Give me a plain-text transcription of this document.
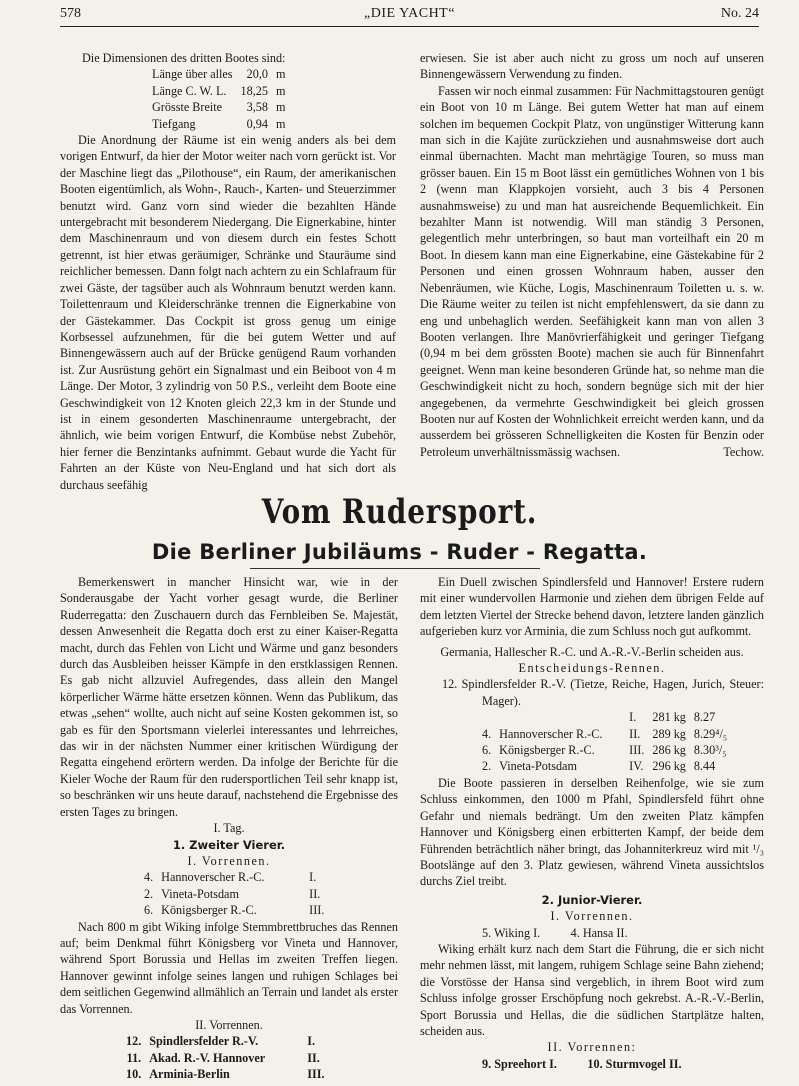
578	„DIE YACHT“	No. 24

Die Dimensionen des dritten Bootes sind:

Länge über alles	20,0	m
Länge C. W. L.	18,25	m
Grösste Breite	3,58	m
Tiefgang	0,94	m

Die Anordnung der Räume ist ein wenig anders als bei dem vorigen Entwurf, da hier der Motor weiter nach vorn gerückt ist. Vor der Maschine liegt das „Pilothouse“, ein Raum, der amerikanischen Booten eigentümlich, als Wohn-, Rauch-, Karten- und Steuerzimmer benutzt wird. Ganz vorn sind wieder die bezahlten Hände untergebracht mit besonderem Niedergang. Die Eignerkabine, hinter dem Maschinenraum und von diesem durch ein festes Schott getrennt, ist hier etwas geräumiger, Schränke und Stauräume sind reichlicher bemessen. Dann folgt nach achtern zu ein Schlafraum für zwei Gäste, der tagsüber auch als Wohnraum benutzt werden kann. Toilettenraum und Kleiderschränke trennen die Eignerkabine von der Gästekammer. Das Cockpit ist gross genug um einige Korbsessel aufzunehmen, für die bei gutem Wetter und auf Binnengewässern auch auf der Brücke genügend Raum vorhanden ist. Zur Ausrüstung gehört ein Signalmast und ein Beiboot von 4 m Länge. Der Motor, 3 zylindrig von 50 P.S., verleiht dem Boote eine Geschwindigkeit von 12 Knoten gleich 22,3 km in der Stunde und ist in einem gesonderten Maschinenraume untergebracht, der ähnlich, wie beim vorigen Entwurf, die Kombüse nebst Zubehör, hier ferner die Benzintanks aufnimmt. Gebaut wurde die Yacht für Fahrten an der Küste von Neu-England und hat sich dort als durchaus seefähig

erwiesen. Sie ist aber auch nicht zu gross um noch auf unseren Binnengewässern Verwendung zu finden.

Fassen wir noch einmal zusammen: Für Nachmittagstouren genügt ein Boot von 10 m Länge. Bei gutem Wetter hat man auf einem solchen im bequemen Cockpit Platz, von ungünstiger Witterung kann man sich in die Kajüte zurückziehen und ausnahmsweise dort auch einmal übernachten. Macht man mehrtägige Touren, so muss man grösser bauen. Ein 15 m Boot lässt ein gemütliches Wohnen von 1 bis 2 (wenn man Klappkojen vorsieht, auch 3 bis 4 Personen ausnahmsweise) zu und man hat ausreichende Bequemlichkeit. Ein bezahlter Mann ist notwendig. Will man ständig 3 Personen, gelegentlich mehr unterbringen, so baut man vorteilhaft ein 20 m Boot. In diesem kann man eine Eignerkabine, eine Gästekabine für 2 Personen und einen grossen Wohnraum haben, ausser den Nebenräumen, wie Küche, Logis, Maschinenraum Toiletten u. s. w. Die Räume weiter zu teilen ist nicht empfehlenswert, da sie dann zu eng und unbehaglich werden. Seefähigkeit kann man von allen 3 Booten verlangen. Ihre Manövrierfähigkeit und geringer Tiefgang (0,94 m bei dem grössten Boote) machen sie auch für Binnenfahrt geeignet. Wenn man keine besonderen Gründe hat, so nehme man die Geschwindigkeit nicht zu hoch, sondern begnüge sich mit der hier angegebenen, da vermehrte Geschwindigkeit bei gleich grossen Booten nur auf Kosten der Wohnlichkeit erreicht werden kann, und da ausserdem bei grösseren Schnelligkeiten die Kosten für Benzin oder Petroleum unverhältnissmässig wachsen.	Techow.
Vom Rudersport.
Die Berliner Jubiläums - Ruder - Regatta.

Bemerkenswert in mancher Hinsicht war, wie in der Sonderausgabe der Yacht vorher gesagt wurde, die Berliner Ruderregatta: den Zuschauern durch das Fernbleiben Se. Majestät, dessen Anwesenheit die Regatta doch erst zu einer Kaiser-Regatta macht, durch das Fehlen von Licht und Wärme und ganz besonders durch das Ausbleiben heisser Kämpfe in den erstklassigen Rennen. Es gab nicht allzuviel Aufregendes, dass allein den Mangel körperlicher Wärme hätte ersetzen können. Wenn das Publikum, das etwas „sehen“ wollte, auch nicht auf seine Kosten gekommen ist, so gab es für den Sportsmann vielerlei interessantes und lehrreiches, das wir in der nächsten Nummer einer kritischen Würdigung der Regatta eingehend erörtern werden. Da infolge der Berichte für die Kieler Woche der Raum für den rudersportlichen Teil sehr knapp ist, so beschränken wir uns heute darauf, nachstehend die Ergebnisse des ersten Tages zu bringen.

I. Tag.
1. Zweiter Vierer.
I. Vorrennen.
4.	Hannoverscher R.-C.	I.
2.	Vineta-Potsdam	II.
6.	Königsberger R.-C.	III.

Nach 800 m gibt Wiking infolge Stemmbrettbruches das Rennen auf; beim Denkmal führt Königsberg vor Vineta und Hannover, während Sport Borussia und Hellas im zweiten Treffen liegen. Hannover gewinnt infolge seines langen und ruhigen Schlages bei dem seitlichen Gegenwind allmählich an Terrain und landet als erster das Vorrennen.

II. Vorrennen.
12.	Spindlersfelder R.-V.	I.
11.	Akad. R.-V. Hannover	II.
10.	Arminia-Berlin	III.

Ein Duell zwischen Spindlersfeld und Hannover! Erstere rudern mit einer wundervollen Harmonie und ziehen dem übrigen Felde auf dem letzten Viertel der Strecke behend davon, letztere landen gänzlich aufgerieben kurz vor Arminia, die zum Schluss noch gut aufkommt.

Germania, Hallescher R.-C. und A.-R.-V.-Berlin scheiden aus.
Entscheidungs-Rennen.

12. Spindlersfelder R.-V. (Tietze, Reiche, Hagen, Jurich, Steuer: Mager).

		I.	281 kg	8.27
4.	Hannoverscher R.-C.	II.	289 kg	8.29⁴/₅
6.	Königsberger R.-C.	III.	286 kg	8.30³/₅
2.	Vineta-Potsdam	IV.	296 kg	8.44

Die Boote passieren in derselben Reihenfolge, wie sie zum Schluss einkommen, den 1000 m Pfahl, Spindlersfeld führt ohne Gefahr und niemals bedrängt. Um den zweiten Platz kämpfen Hannover und Königsberg einen erbitterten Kampf, der beide dem Führenden beträchtlich näher bringt, das Johanniterkreuz wird mit ¹/₃ Bootslänge auf den 3. Platz gewiesen, während Vineta aussichtslos durchs Ziel treibt.

2. Junior-Vierer.
I. Vorrennen.
5. Wiking I.          4. Hansa II.

Wiking erhält kurz nach dem Start die Führung, die er sich nicht mehr nehmen lässt, mit langem, ruhigem Schlage seine Bahn ziehend; die Vorstösse der Hansa sind vergeblich, in ihrem Boot wird zum Schluss infolge grosser Erschöpfung noch gekrebst. A.-R.-V.-Berlin, Sport Borussia und Hellas, die die südlichen Startplätze halten, scheiden aus.

II. Vorrennen:
9. Spreehort I.          10. Sturmvogel II.
